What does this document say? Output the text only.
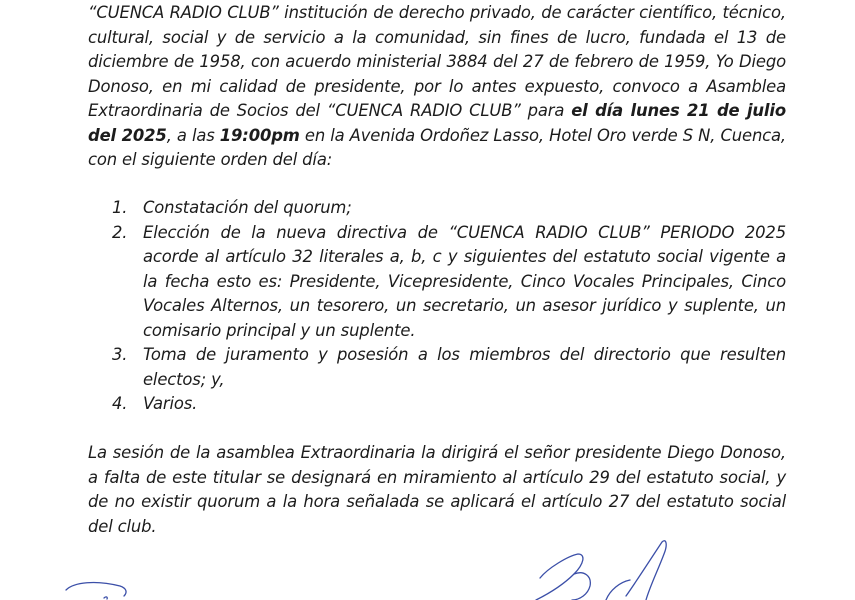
“CUENCA RADIO CLUB” institución de derecho privado, de carácter científico, técnico, cultural, social y de servicio a la comunidad, sin fines de lucro, fundada el 13 de diciembre de 1958, con acuerdo ministerial 3884 del 27 de febrero de 1959, Yo Diego Donoso, en mi calidad de presidente, por lo antes expuesto, convoco a Asamblea Extraordinaria de Socios del “CUENCA RADIO CLUB” para el día lunes 21 de julio del 2025, a las 19:00pm en la Avenida Ordoñez Lasso, Hotel Oro verde S N, Cuenca, con el siguiente orden del día:

1. Constatación del quorum;
2. Elección de la nueva directiva de “CUENCA RADIO CLUB” PERIODO 2025 acorde al artículo 32 literales a, b, c y siguientes del estatuto social vigente a la fecha esto es: Presidente, Vicepresidente, Cinco Vocales Principales, Cinco Vocales Alternos, un tesorero, un secretario, un asesor jurídico y suplente, un comisario principal y un suplente.
3. Toma de juramento y posesión a los miembros del directorio que resulten electos; y,
4. Varios.

La sesión de la asamblea Extraordinaria la dirigirá el señor presidente Diego Donoso, a falta de este titular se designará en miramiento al artículo 29 del estatuto social, y de no existir quorum a la hora señalada se aplicará el artículo 27 del estatuto social del club.
